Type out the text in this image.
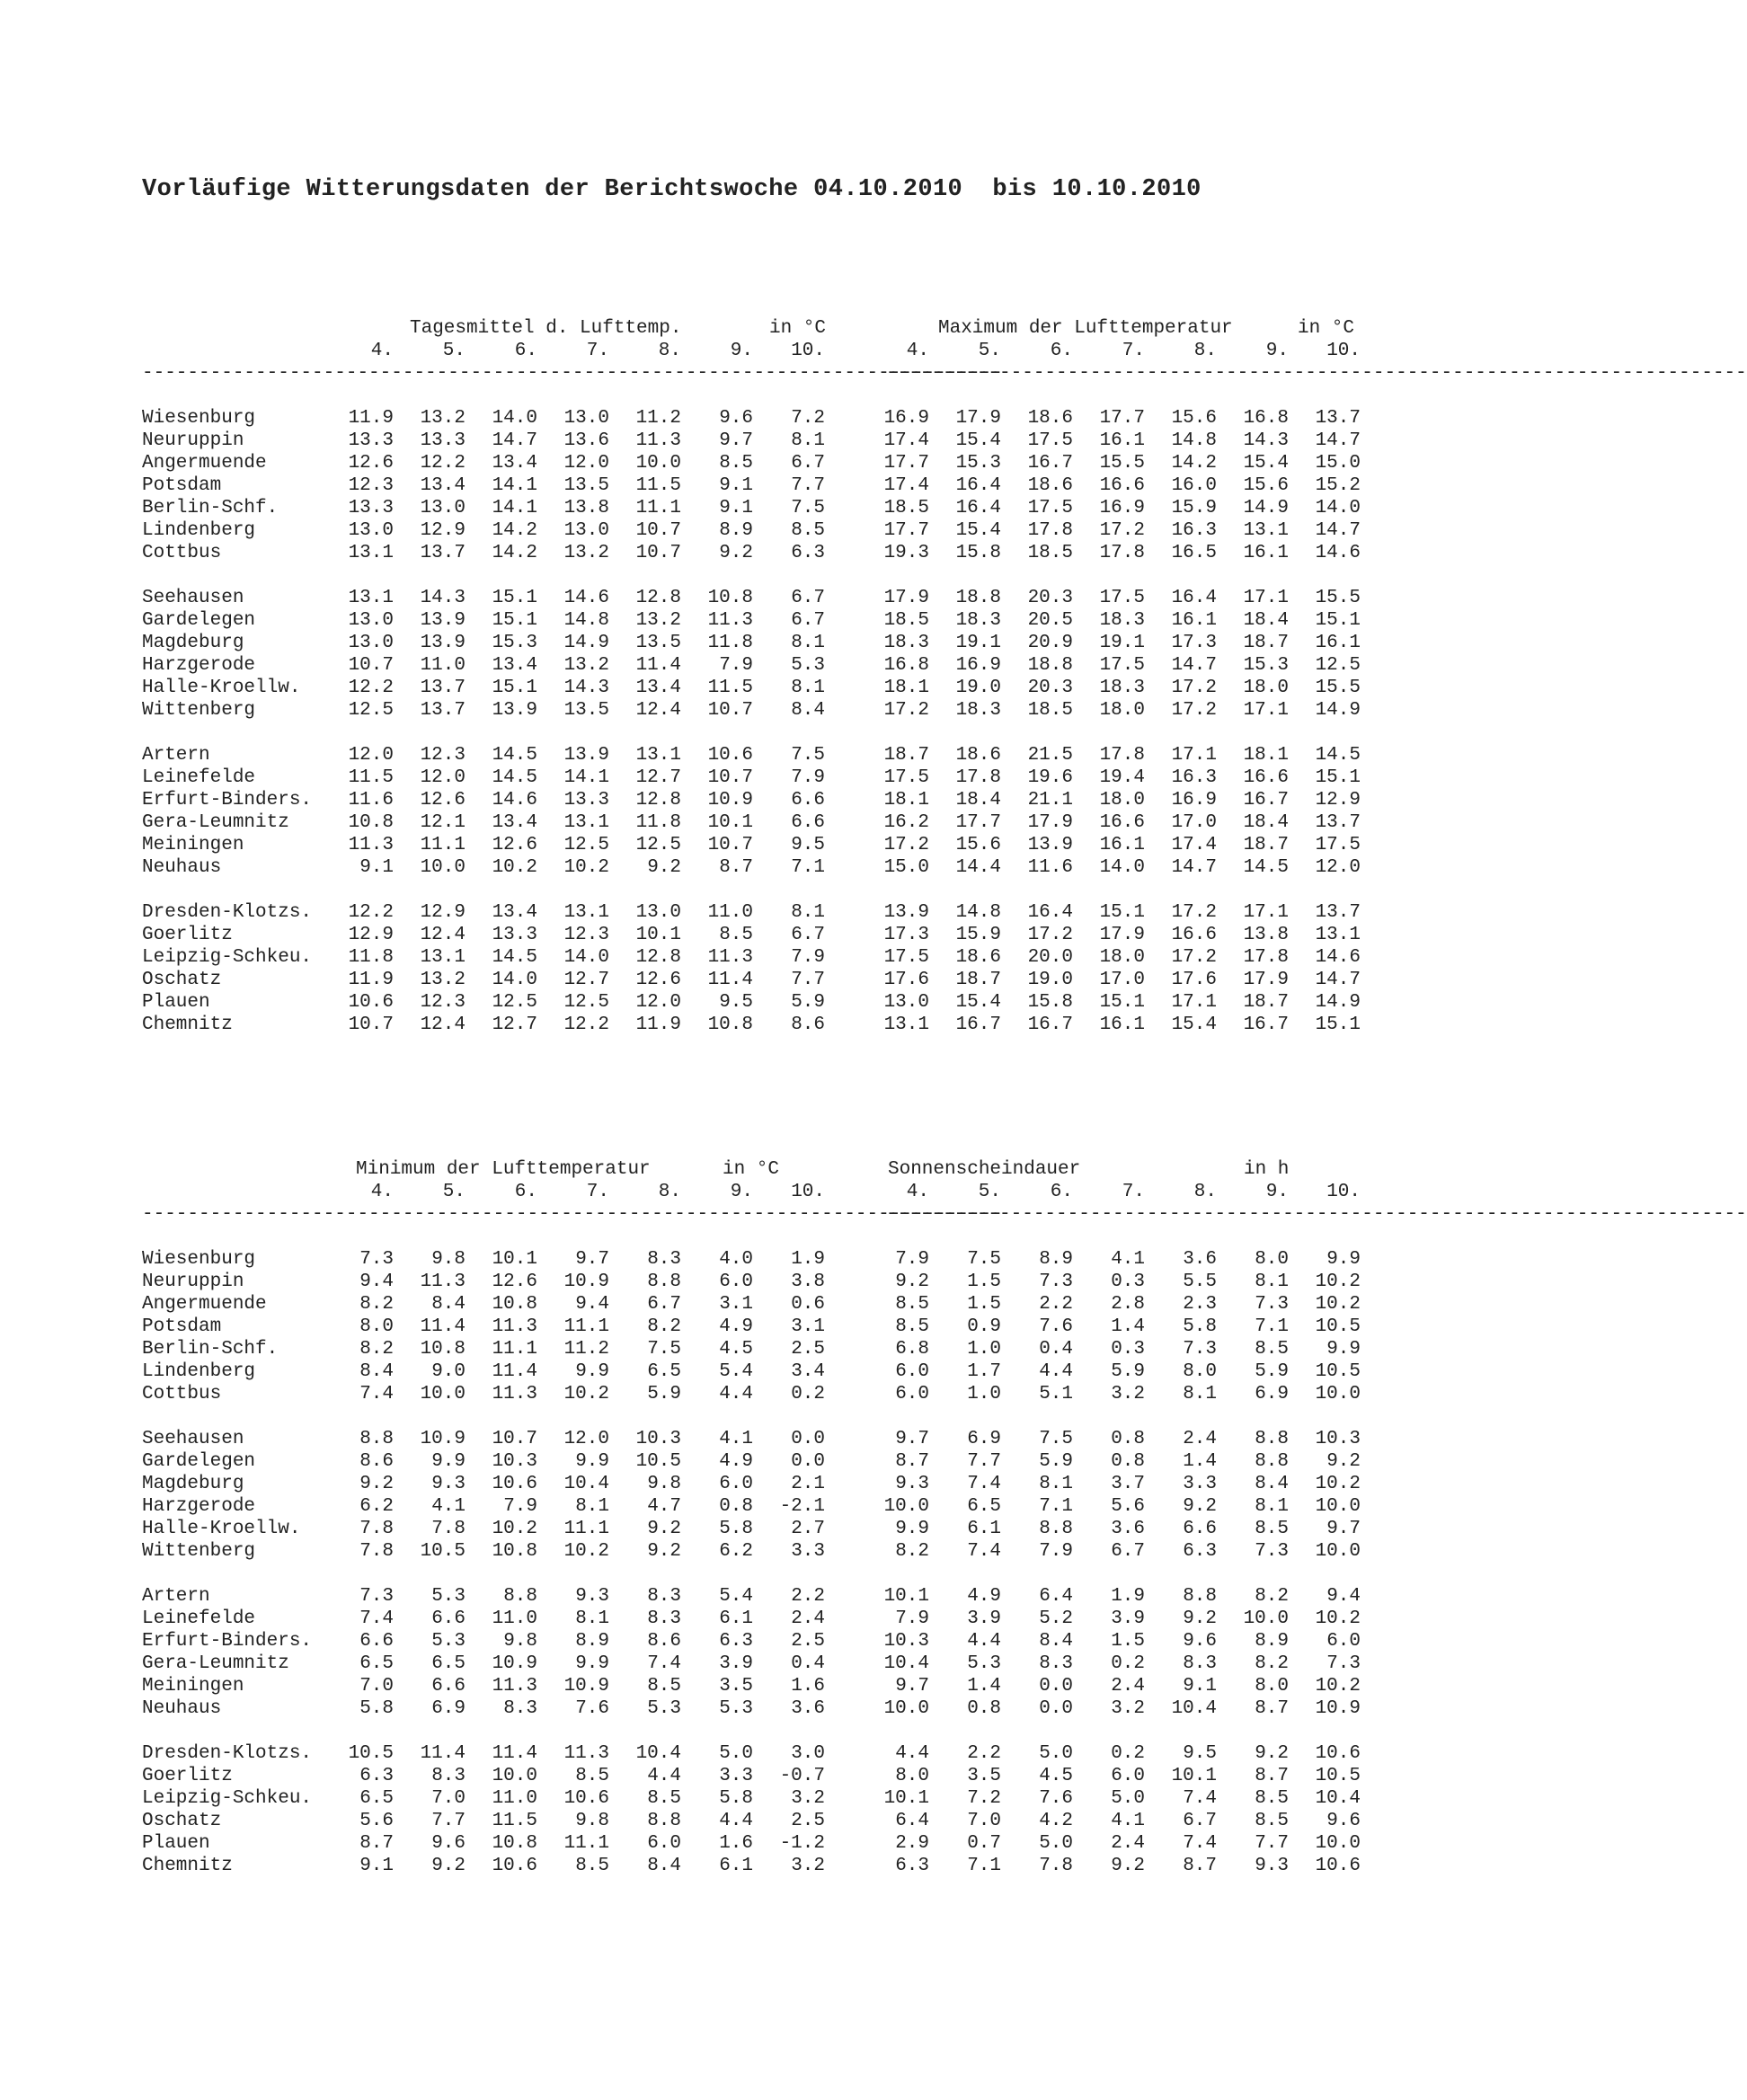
Vorläufige Witterungsdaten der Berichtswoche 04.10.2010  bis 10.10.2010
Tagesmittel d. Lufttemp.	in °C	Maximum der Lufttemperatur	in °C
4.	5.	6.	7.	8.	9.	10.	4.	5.	6.	7.	8.	9.	10.
----------------------------------------------------------------------------
----------------------------------------------------------------------------
Wiesenburg	11.9	13.2	14.0	13.0	11.2	9.6	7.2	16.9	17.9	18.6	17.7	15.6	16.8	13.7
Neuruppin	13.3	13.3	14.7	13.6	11.3	9.7	8.1	17.4	15.4	17.5	16.1	14.8	14.3	14.7
Angermuende	12.6	12.2	13.4	12.0	10.0	8.5	6.7	17.7	15.3	16.7	15.5	14.2	15.4	15.0
Potsdam	12.3	13.4	14.1	13.5	11.5	9.1	7.7	17.4	16.4	18.6	16.6	16.0	15.6	15.2
Berlin-Schf.	13.3	13.0	14.1	13.8	11.1	9.1	7.5	18.5	16.4	17.5	16.9	15.9	14.9	14.0
Lindenberg	13.0	12.9	14.2	13.0	10.7	8.9	8.5	17.7	15.4	17.8	17.2	16.3	13.1	14.7
Cottbus	13.1	13.7	14.2	13.2	10.7	9.2	6.3	19.3	15.8	18.5	17.8	16.5	16.1	14.6
Seehausen	13.1	14.3	15.1	14.6	12.8	10.8	6.7	17.9	18.8	20.3	17.5	16.4	17.1	15.5
Gardelegen	13.0	13.9	15.1	14.8	13.2	11.3	6.7	18.5	18.3	20.5	18.3	16.1	18.4	15.1
Magdeburg	13.0	13.9	15.3	14.9	13.5	11.8	8.1	18.3	19.1	20.9	19.1	17.3	18.7	16.1
Harzgerode	10.7	11.0	13.4	13.2	11.4	7.9	5.3	16.8	16.9	18.8	17.5	14.7	15.3	12.5
Halle-Kroellw.	12.2	13.7	15.1	14.3	13.4	11.5	8.1	18.1	19.0	20.3	18.3	17.2	18.0	15.5
Wittenberg	12.5	13.7	13.9	13.5	12.4	10.7	8.4	17.2	18.3	18.5	18.0	17.2	17.1	14.9
Artern	12.0	12.3	14.5	13.9	13.1	10.6	7.5	18.7	18.6	21.5	17.8	17.1	18.1	14.5
Leinefelde	11.5	12.0	14.5	14.1	12.7	10.7	7.9	17.5	17.8	19.6	19.4	16.3	16.6	15.1
Erfurt-Binders.	11.6	12.6	14.6	13.3	12.8	10.9	6.6	18.1	18.4	21.1	18.0	16.9	16.7	12.9
Gera-Leumnitz	10.8	12.1	13.4	13.1	11.8	10.1	6.6	16.2	17.7	17.9	16.6	17.0	18.4	13.7
Meiningen	11.3	11.1	12.6	12.5	12.5	10.7	9.5	17.2	15.6	13.9	16.1	17.4	18.7	17.5
Neuhaus	9.1	10.0	10.2	10.2	9.2	8.7	7.1	15.0	14.4	11.6	14.0	14.7	14.5	12.0
Dresden-Klotzs.	12.2	12.9	13.4	13.1	13.0	11.0	8.1	13.9	14.8	16.4	15.1	17.2	17.1	13.7
Goerlitz	12.9	12.4	13.3	12.3	10.1	8.5	6.7	17.3	15.9	17.2	17.9	16.6	13.8	13.1
Leipzig-Schkeu.	11.8	13.1	14.5	14.0	12.8	11.3	7.9	17.5	18.6	20.0	18.0	17.2	17.8	14.6
Oschatz	11.9	13.2	14.0	12.7	12.6	11.4	7.7	17.6	18.7	19.0	17.0	17.6	17.9	14.7
Plauen	10.6	12.3	12.5	12.5	12.0	9.5	5.9	13.0	15.4	15.8	15.1	17.1	18.7	14.9
Chemnitz	10.7	12.4	12.7	12.2	11.9	10.8	8.6	13.1	16.7	16.7	16.1	15.4	16.7	15.1
Minimum der Lufttemperatur	in °C	Sonnenscheindauer	in h
4.	5.	6.	7.	8.	9.	10.	4.	5.	6.	7.	8.	9.	10.
----------------------------------------------------------------------------
----------------------------------------------------------------------------
Wiesenburg	7.3	9.8	10.1	9.7	8.3	4.0	1.9	7.9	7.5	8.9	4.1	3.6	8.0	9.9
Neuruppin	9.4	11.3	12.6	10.9	8.8	6.0	3.8	9.2	1.5	7.3	0.3	5.5	8.1	10.2
Angermuende	8.2	8.4	10.8	9.4	6.7	3.1	0.6	8.5	1.5	2.2	2.8	2.3	7.3	10.2
Potsdam	8.0	11.4	11.3	11.1	8.2	4.9	3.1	8.5	0.9	7.6	1.4	5.8	7.1	10.5
Berlin-Schf.	8.2	10.8	11.1	11.2	7.5	4.5	2.5	6.8	1.0	0.4	0.3	7.3	8.5	9.9
Lindenberg	8.4	9.0	11.4	9.9	6.5	5.4	3.4	6.0	1.7	4.4	5.9	8.0	5.9	10.5
Cottbus	7.4	10.0	11.3	10.2	5.9	4.4	0.2	6.0	1.0	5.1	3.2	8.1	6.9	10.0
Seehausen	8.8	10.9	10.7	12.0	10.3	4.1	0.0	9.7	6.9	7.5	0.8	2.4	8.8	10.3
Gardelegen	8.6	9.9	10.3	9.9	10.5	4.9	0.0	8.7	7.7	5.9	0.8	1.4	8.8	9.2
Magdeburg	9.2	9.3	10.6	10.4	9.8	6.0	2.1	9.3	7.4	8.1	3.7	3.3	8.4	10.2
Harzgerode	6.2	4.1	7.9	8.1	4.7	0.8	-2.1	10.0	6.5	7.1	5.6	9.2	8.1	10.0
Halle-Kroellw.	7.8	7.8	10.2	11.1	9.2	5.8	2.7	9.9	6.1	8.8	3.6	6.6	8.5	9.7
Wittenberg	7.8	10.5	10.8	10.2	9.2	6.2	3.3	8.2	7.4	7.9	6.7	6.3	7.3	10.0
Artern	7.3	5.3	8.8	9.3	8.3	5.4	2.2	10.1	4.9	6.4	1.9	8.8	8.2	9.4
Leinefelde	7.4	6.6	11.0	8.1	8.3	6.1	2.4	7.9	3.9	5.2	3.9	9.2	10.0	10.2
Erfurt-Binders.	6.6	5.3	9.8	8.9	8.6	6.3	2.5	10.3	4.4	8.4	1.5	9.6	8.9	6.0
Gera-Leumnitz	6.5	6.5	10.9	9.9	7.4	3.9	0.4	10.4	5.3	8.3	0.2	8.3	8.2	7.3
Meiningen	7.0	6.6	11.3	10.9	8.5	3.5	1.6	9.7	1.4	0.0	2.4	9.1	8.0	10.2
Neuhaus	5.8	6.9	8.3	7.6	5.3	5.3	3.6	10.0	0.8	0.0	3.2	10.4	8.7	10.9
Dresden-Klotzs.	10.5	11.4	11.4	11.3	10.4	5.0	3.0	4.4	2.2	5.0	0.2	9.5	9.2	10.6
Goerlitz	6.3	8.3	10.0	8.5	4.4	3.3	-0.7	8.0	3.5	4.5	6.0	10.1	8.7	10.5
Leipzig-Schkeu.	6.5	7.0	11.0	10.6	8.5	5.8	3.2	10.1	7.2	7.6	5.0	7.4	8.5	10.4
Oschatz	5.6	7.7	11.5	9.8	8.8	4.4	2.5	6.4	7.0	4.2	4.1	6.7	8.5	9.6
Plauen	8.7	9.6	10.8	11.1	6.0	1.6	-1.2	2.9	0.7	5.0	2.4	7.4	7.7	10.0
Chemnitz	9.1	9.2	10.6	8.5	8.4	6.1	3.2	6.3	7.1	7.8	9.2	8.7	9.3	10.6
